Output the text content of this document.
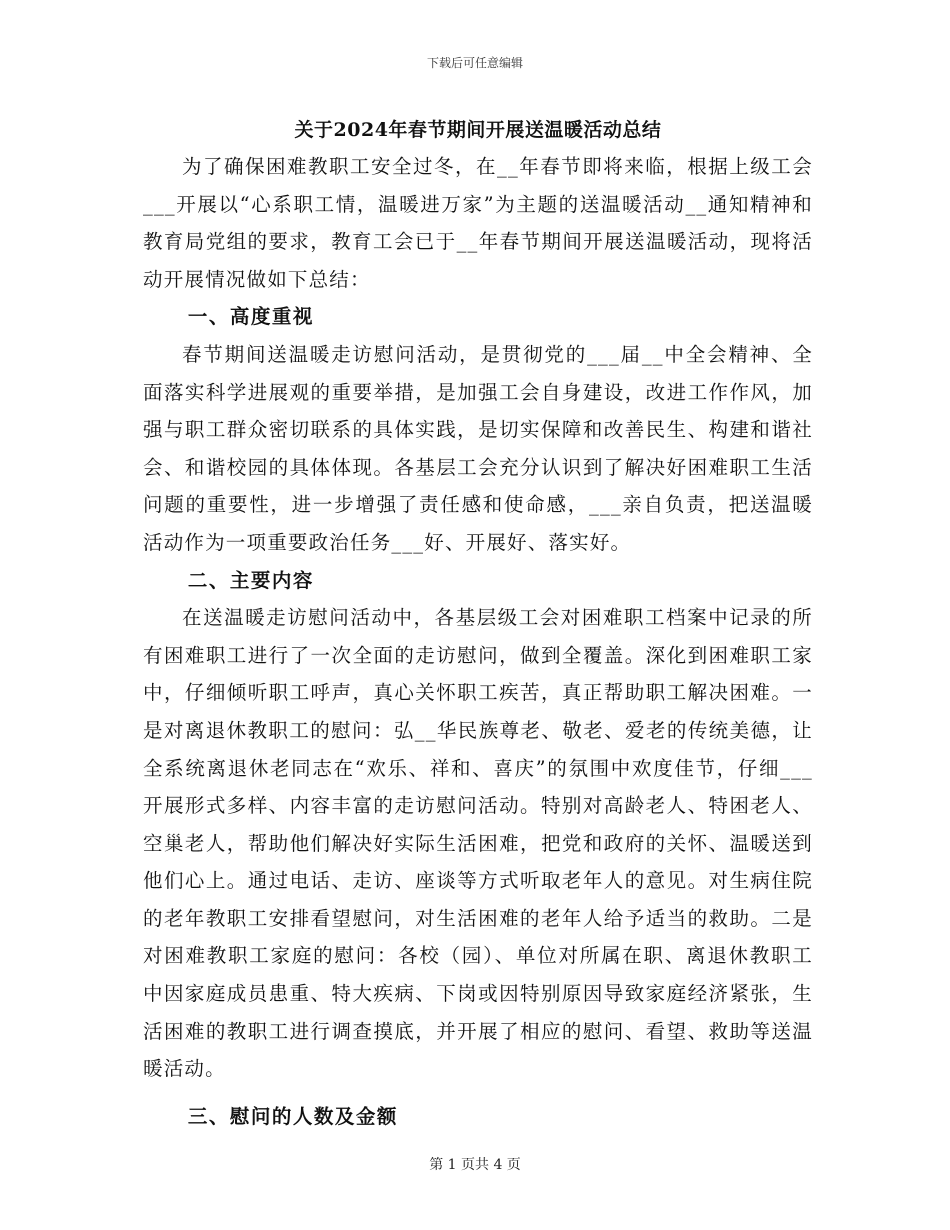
下载后可任意编辑
关于2024年春节期间开展送温暖活动总结

为了确保困难教职工安全过冬，在__年春节即将来临，根据上级工会___开展以“心系职工情，温暖进万家”为主题的送温暖活动__通知精神和教育局党组的要求，教育工会已于__年春节期间开展送温暖活动，现将活动开展情况做如下总结：

一、高度重视

春节期间送温暖走访慰问活动，是贯彻党的___届__中全会精神、全面落实科学进展观的重要举措，是加强工会自身建设，改进工作作风，加强与职工群众密切联系的具体实践，是切实保障和改善民生、构建和谐社会、和谐校园的具体体现。各基层工会充分认识到了解决好困难职工生活问题的重要性，进一步增强了责任感和使命感，___亲自负责，把送温暖活动作为一项重要政治任务___好、开展好、落实好。

二、主要内容

在送温暖走访慰问活动中，各基层级工会对困难职工档案中记录的所有困难职工进行了一次全面的走访慰问，做到全覆盖。深化到困难职工家中，仔细倾听职工呼声，真心关怀职工疾苦，真正帮助职工解决困难。一是对离退休教职工的慰问：弘__华民族尊老、敬老、爱老的传统美德，让全系统离退休老同志在“欢乐、祥和、喜庆”的氛围中欢度佳节，仔细___开展形式多样、内容丰富的走访慰问活动。特别对高龄老人、特困老人、空巢老人，帮助他们解决好实际生活困难，把党和政府的关怀、温暖送到他们心上。通过电话、走访、座谈等方式听取老年人的意见。对生病住院的老年教职工安排看望慰问，对生活困难的老年人给予适当的救助。二是对困难教职工家庭的慰问：各校（园）、单位对所属在职、离退休教职工中因家庭成员患重、特大疾病、下岗或因特别原因导致家庭经济紧张，生活困难的教职工进行调查摸底，并开展了相应的慰问、看望、救助等送温暖活动。

三、慰问的人数及金额
第 1 页共 4 页
